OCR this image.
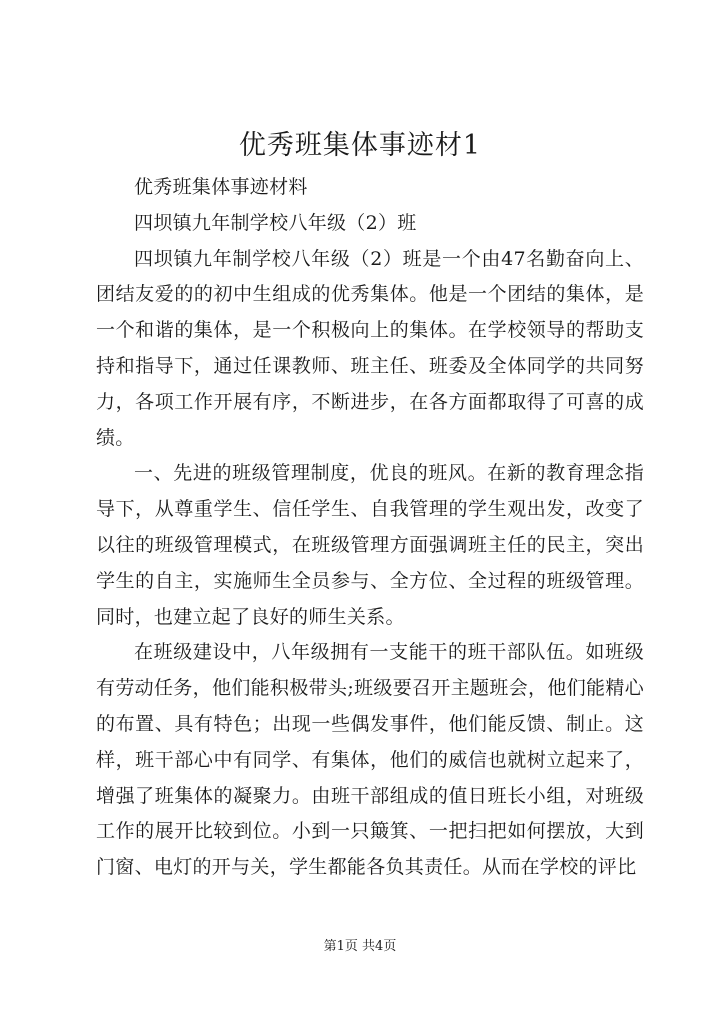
优秀班集体事迹材1

优秀班集体事迹材料

四坝镇九年制学校八年级（2）班

四坝镇九年制学校八年级（2）班是一个由47名勤奋向上、团结友爱的的初中生组成的优秀集体。他是一个团结的集体，是一个和谐的集体，是一个积极向上的集体。在学校领导的帮助支持和指导下，通过任课教师、班主任、班委及全体同学的共同努力，各项工作开展有序，不断进步，在各方面都取得了可喜的成绩。

一、先进的班级管理制度，优良的班风。在新的教育理念指导下，从尊重学生、信任学生、自我管理的学生观出发，改变了以往的班级管理模式，在班级管理方面强调班主任的民主，突出学生的自主，实施师生全员参与、全方位、全过程的班级管理。同时，也建立起了良好的师生关系。

在班级建设中，八年级拥有一支能干的班干部队伍。如班级有劳动任务，他们能积极带头;班级要召开主题班会，他们能精心的布置、具有特色；出现一些偶发事件，他们能反馈、制止。这样，班干部心中有同学、有集体，他们的威信也就树立起来了，增强了班集体的凝聚力。由班干部组成的值日班长小组，对班级工作的展开比较到位。小到一只簸箕、一把扫把如何摆放，大到门窗、电灯的开与关，学生都能各负其责任。从而在学校的评比

第1页 共4页
